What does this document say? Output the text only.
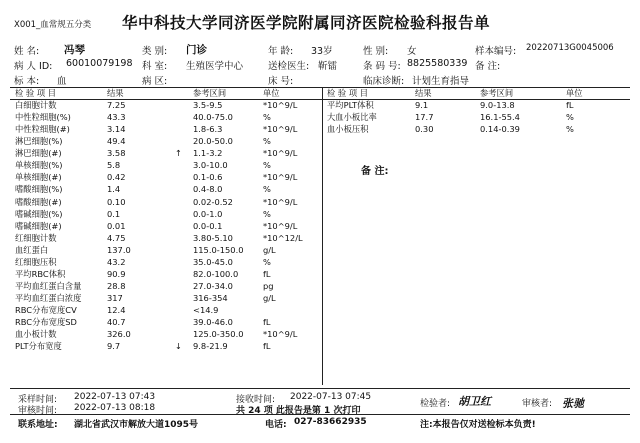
X001_血常规五分类 华中科技大学同济医学院附属同济医院检验科报告单
姓 名: 冯琴	类 别: 门诊	年 龄: 33岁	性 别: 女	样本编号: 20220713G0045006
病 人 ID: 60010079198 科 室: 生殖医学中心	送检医生: 靳镭	条 码 号: 8825580339 备 注:
标 本: 血	病 区:	床 号:	临床诊断: 计划生育指导
检 验 项 目	结果		参考区间	单位
白细胞计数	7.25		3.5-9.5	*10^9/L
中性粒细胞(%)	43.3		40.0-75.0	%
中性粒细胞(#)	3.14		1.8-6.3	*10^9/L
淋巴细胞(%)	49.4		20.0-50.0	%
淋巴细胞(#)	3.58	↑	1.1-3.2	*10^9/L
单核细胞(%)	5.8		3.0-10.0	%
单核细胞(#)	0.42		0.1-0.6	*10^9/L
嗜酸细胞(%)	1.4		0.4-8.0	%
嗜酸细胞(#)	0.10		0.02-0.52	*10^9/L
嗜碱细胞(%)	0.1		0.0-1.0	%
嗜碱细胞(#)	0.01		0.0-0.1	*10^9/L
红细胞计数	4.75		3.80-5.10	*10^12/L
血红蛋白	137.0		115.0-150.0	g/L
红细胞压积	43.2		35.0-45.0	%
平均RBC体积	90.9		82.0-100.0	fL
平均血红蛋白含量	28.8		27.0-34.0	pg
平均血红蛋白浓度	317		316-354	g/L
RBC分布宽度CV	12.4		<14.9	
RBC分布宽度SD	40.7		39.0-46.0	fL
血小板计数	326.0		125.0-350.0	*10^9/L
PLT分布宽度	9.7	↓	9.8-21.9	fL
检 验 项 目	结果		参考区间	单位
平均PLT体积	9.1		9.0-13.8	fL
大血小板比率	17.7		16.1-55.4	%
血小板压积	0.30		0.14-0.39	%
备 注:
采样时间: 2022-07-13 07:43	接收时间: 2022-07-13 07:45
审核时间: 2022-07-13 08:18	共 24 项 此报告是第 1 次打印
检验者: 胡卫红	审核者: 张驰
联系地址: 湖北省武汉市解放大道1095号	电话: 027-83662935	注:本报告仅对送检标本负责!
